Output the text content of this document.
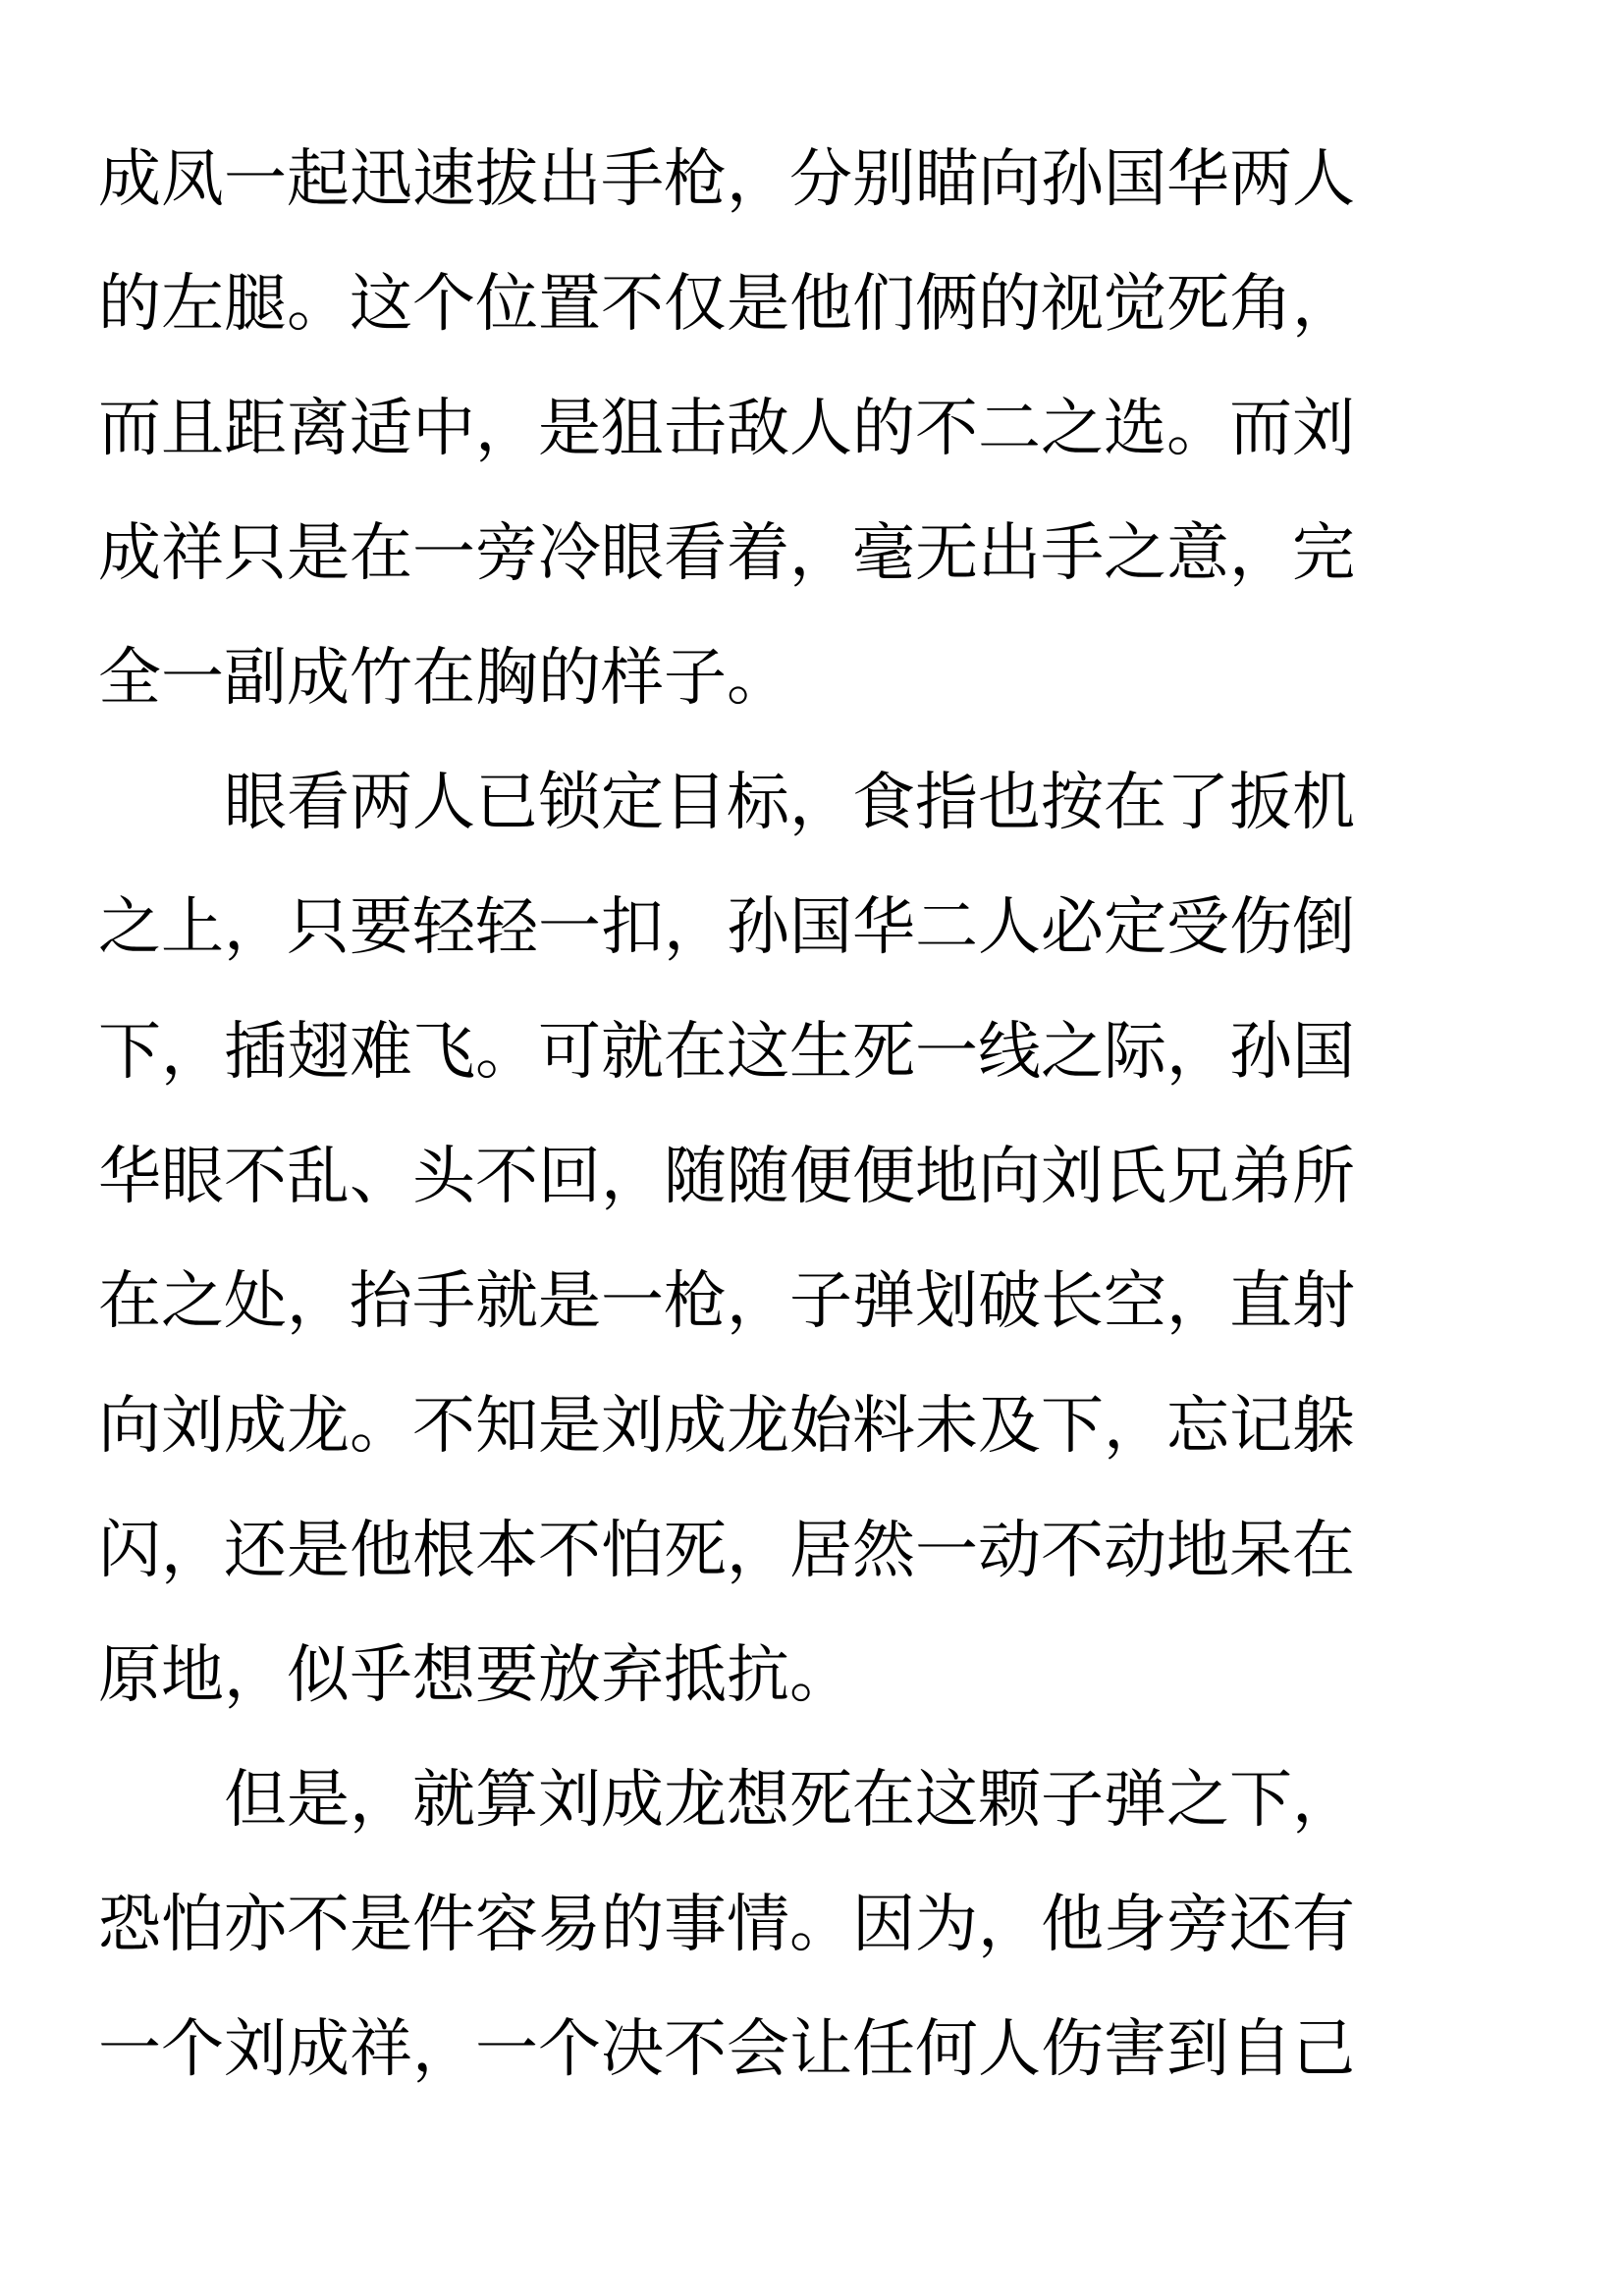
成凤一起迅速拔出手枪，分别瞄向孙国华两人
的左腿。这个位置不仅是他们俩的视觉死角，
而且距离适中，是狙击敌人的不二之选。而刘
成祥只是在一旁冷眼看着，毫无出手之意，完
全一副成竹在胸的样子。
眼看两人已锁定目标，食指也按在了扳机
之上，只要轻轻一扣，孙国华二人必定受伤倒
下，插翅难飞。可就在这生死一线之际，孙国
华眼不乱、头不回，随随便便地向刘氏兄弟所
在之处，抬手就是一枪，子弹划破长空，直射
向刘成龙。不知是刘成龙始料未及下，忘记躲
闪，还是他根本不怕死，居然一动不动地呆在
原地，似乎想要放弃抵抗。
但是，就算刘成龙想死在这颗子弹之下，
恐怕亦不是件容易的事情。因为，他身旁还有
一个刘成祥，一个决不会让任何人伤害到自己
